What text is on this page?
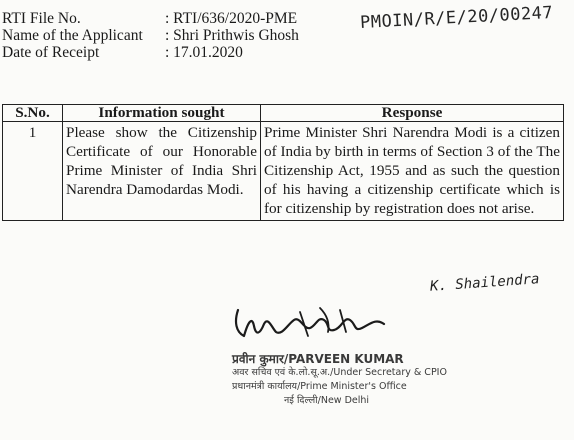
RTI File No.	: RTI/636/2020-PME
Name of the Applicant	: Shri Prithwis Ghosh
Date of Receipt	: 17.01.2020
PMOIN/R/E/20/00247
S.No.	Information sought	Response
1	Please show the Citizenship Certificate of our Honorable Prime Minister of India Shri Narendra Damodardas Modi.	Prime Minister Shri Narendra Modi is a citizen of India by birth in terms of Section 3 of the The Citizenship Act, 1955 and as such the question of his having a citizenship certificate which is for citizenship by registration does not arise.
K. Shailendra
प्रवीन कुमार/PARVEEN KUMAR
अवर सचिव एवं के.लो.सू.अ./Under Secretary & CPIO
प्रधानमंत्री कार्यालय/Prime Minister's Office
नई दिल्ली/New Delhi
